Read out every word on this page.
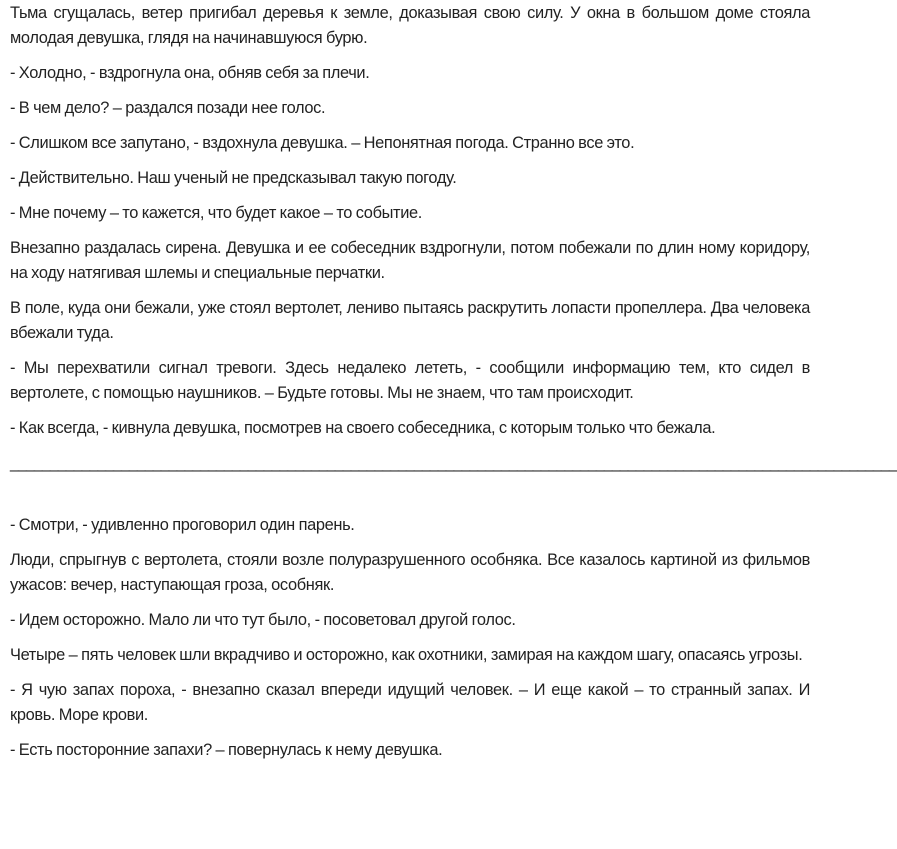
Тьма сгущалась, ветер пригибал деревья к земле, доказывая свою силу. У окна в большом доме стояла молодая девушка, глядя на начинавшуюся бурю.

- Холодно, - вздрогнула она, обняв себя за плечи.

- В чем дело? – раздался позади нее голос.

- Слишком все запутано, - вздохнула девушка. – Непонятная погода. Странно все это.

- Действительно. Наш ученый не предсказывал такую погоду.

- Мне почему – то кажется, что будет какое – то событие.

Внезапно раздалась сирена. Девушка и ее собеседник вздрогнули, потом побежали по длин ному коридору, на ходу натягивая шлемы и специальные перчатки.

В поле, куда они бежали, уже стоял вертолет, лениво пытаясь раскрутить лопасти пропеллера. Два человека вбежали туда.

- Мы перехватили сигнал тревоги. Здесь недалеко лететь, - сообщили информацию тем, кто сидел в вертолете, с помощью наушников. – Будьте готовы. Мы не знаем, что там происходит.

- Как всегда, - кивнула девушка, посмотрев на своего собеседника, с которым только что бежала.

________________________________________________________________________________________________________________

- Смотри, - удивленно проговорил один парень.

Люди, спрыгнув с вертолета, стояли возле полуразрушенного особняка. Все казалось картиной из фильмов ужасов: вечер, наступающая гроза, особняк.

- Идем осторожно. Мало ли что тут было, - посоветовал другой голос.

Четыре – пять человек шли вкрадчиво и осторожно, как охотники, замирая на каждом шагу, опасаясь угрозы.

- Я чую запах пороха, - внезапно сказал впереди идущий человек. – И еще какой – то странный запах. И кровь. Море крови.

- Есть посторонние запахи? – повернулась к нему девушка.
